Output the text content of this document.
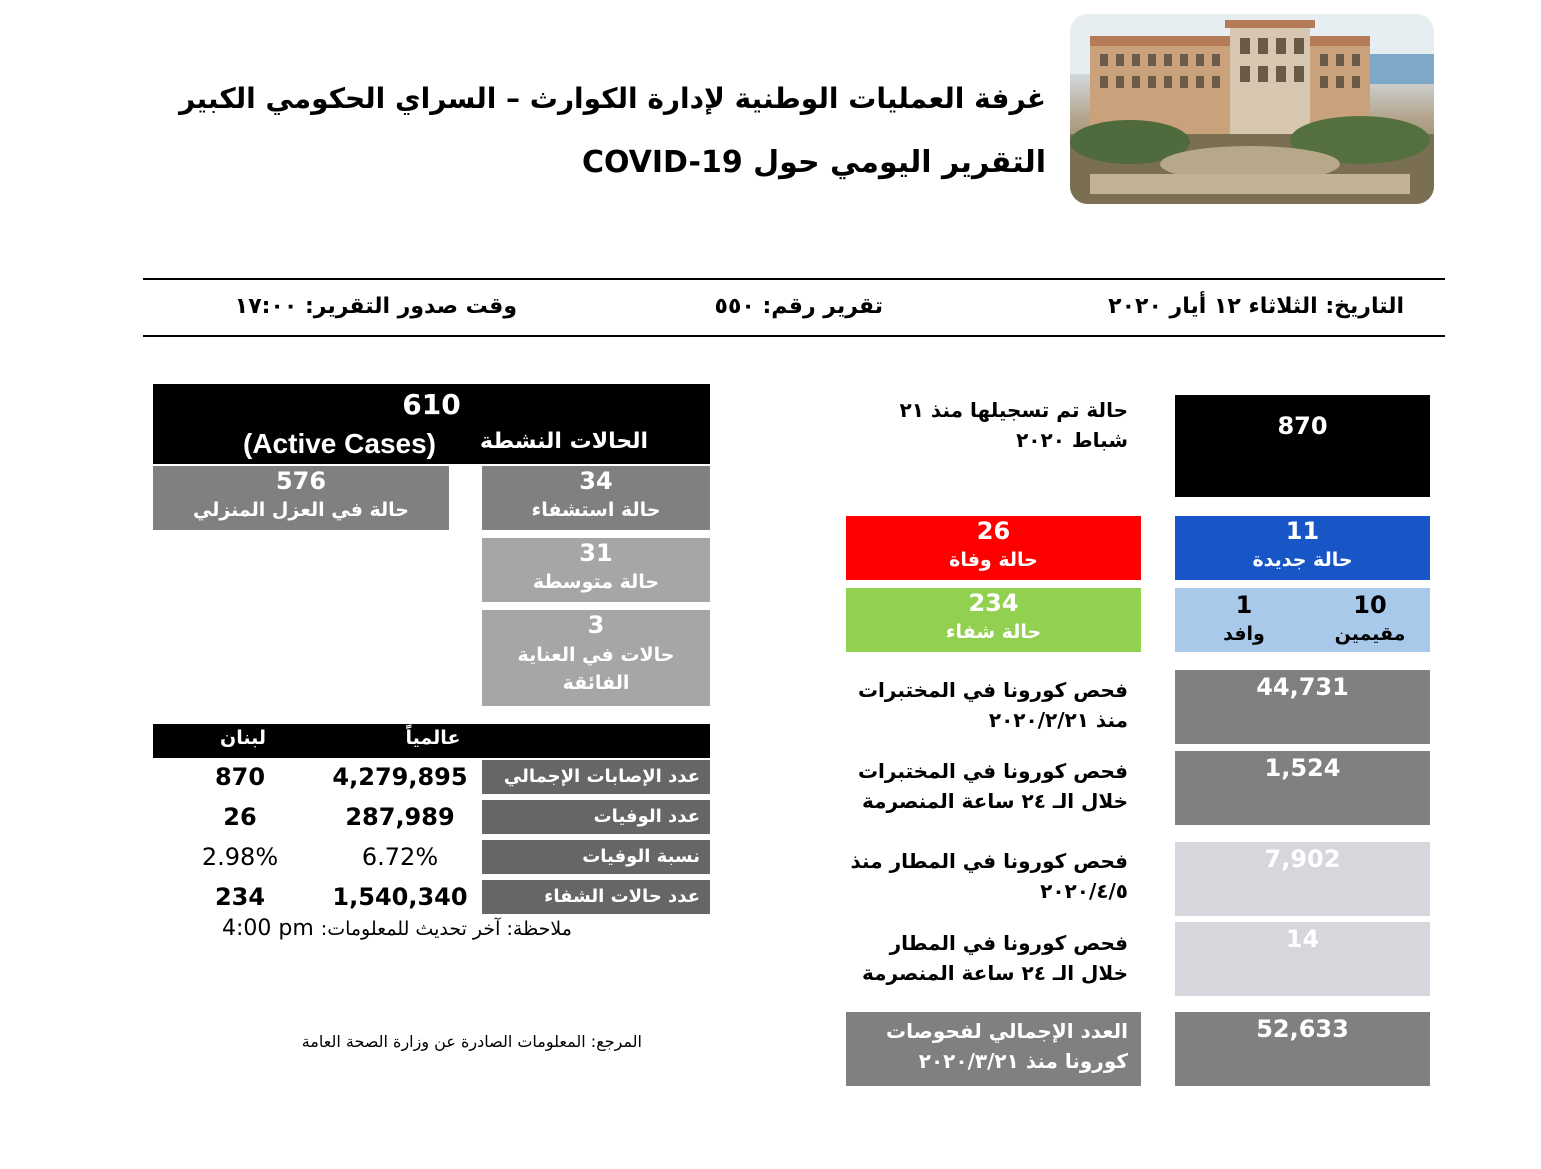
غرفة العمليات الوطنية لإدارة الكوارث – السراي الحكومي الكبير
التقرير اليومي حول COVID-19
التاريخ: الثلاثاء ١٢ أيار ٢٠٢٠
تقرير رقم: ٥٥٠
وقت صدور التقرير: ١٧:٠٠
610
الحالات النشطة
(Active Cases)
576
حالة في العزل المنزلي
34
حالة استشفاء
31
حالة متوسطة
3
حالات في العناية
الفائقة
عالمياً
لبنان
عدد الإصابات الإجمالي
4,279,895
870
عدد الوفيات
287,989
26
نسبة الوفيات
6.72%
2.98%
عدد حالات الشفاء
1,540,340
234
4:00 pm ملاحظة: آخر تحديث للمعلومات:
المرجع: المعلومات الصادرة عن وزارة الصحة العامة
حالة تم تسجيلها منذ ٢١
شباط ٢٠٢٠	870
26
حالة وفاة
11
حالة جديدة
234
حالة شفاء
10
مقيمين
1
وافد
فحص كورونا في المختبرات
منذ ٢٠٢٠/٢/٢١
44,731
فحص كورونا في المختبرات
خلال الـ ٢٤ ساعة المنصرمة
1,524
فحص كورونا في المطار منذ
٢٠٢٠/٤/٥
7,902
فحص كورونا في المطار
خلال الـ ٢٤ ساعة المنصرمة
14
العدد الإجمالي لفحوصات
كورونا منذ ٢٠٢٠/٣/٢١
52,633
